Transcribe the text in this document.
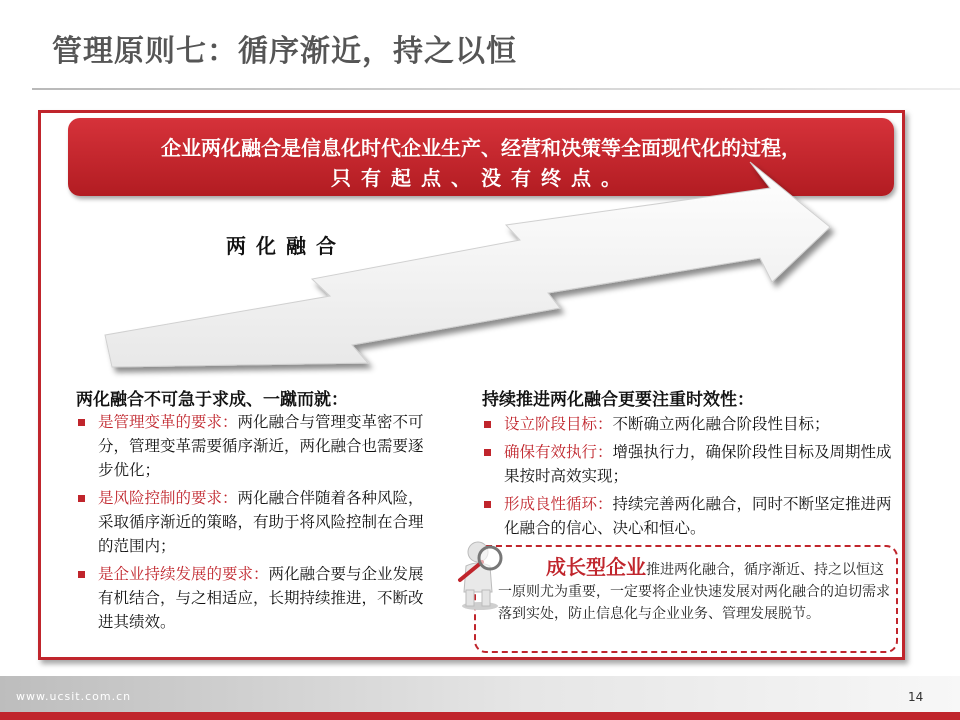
管理原则七：循序渐近，持之以恒
企业两化融合是信息化时代企业生产、经营和决策等全面现代化的过程，
只有起点、没有终点。
两化融合
两化融合不可急于求成、一蹴而就：
是管理变革的要求：两化融合与管理变革密不可分，管理变革需要循序渐近，两化融合也需要逐步优化；
是风险控制的要求：两化融合伴随着各种风险，采取循序渐近的策略，有助于将风险控制在合理的范围内；
是企业持续发展的要求：两化融合要与企业发展有机结合，与之相适应，长期持续推进，不断改进其绩效。
持续推进两化融合更要注重时效性：
设立阶段目标：不断确立两化融合阶段性目标；
确保有效执行：增强执行力，确保阶段性目标及周期性成果按时高效实现；
形成良性循环：持续完善两化融合，同时不断坚定推进两化融合的信心、决心和恒心。
成长型企业推进两化融合，循序渐近、持之以恒这一原则尤为重要，一定要将企业快速发展对两化融合的迫切需求落到实处，防止信息化与企业业务、管理发展脱节。
www.ucsit.com.cn	14
